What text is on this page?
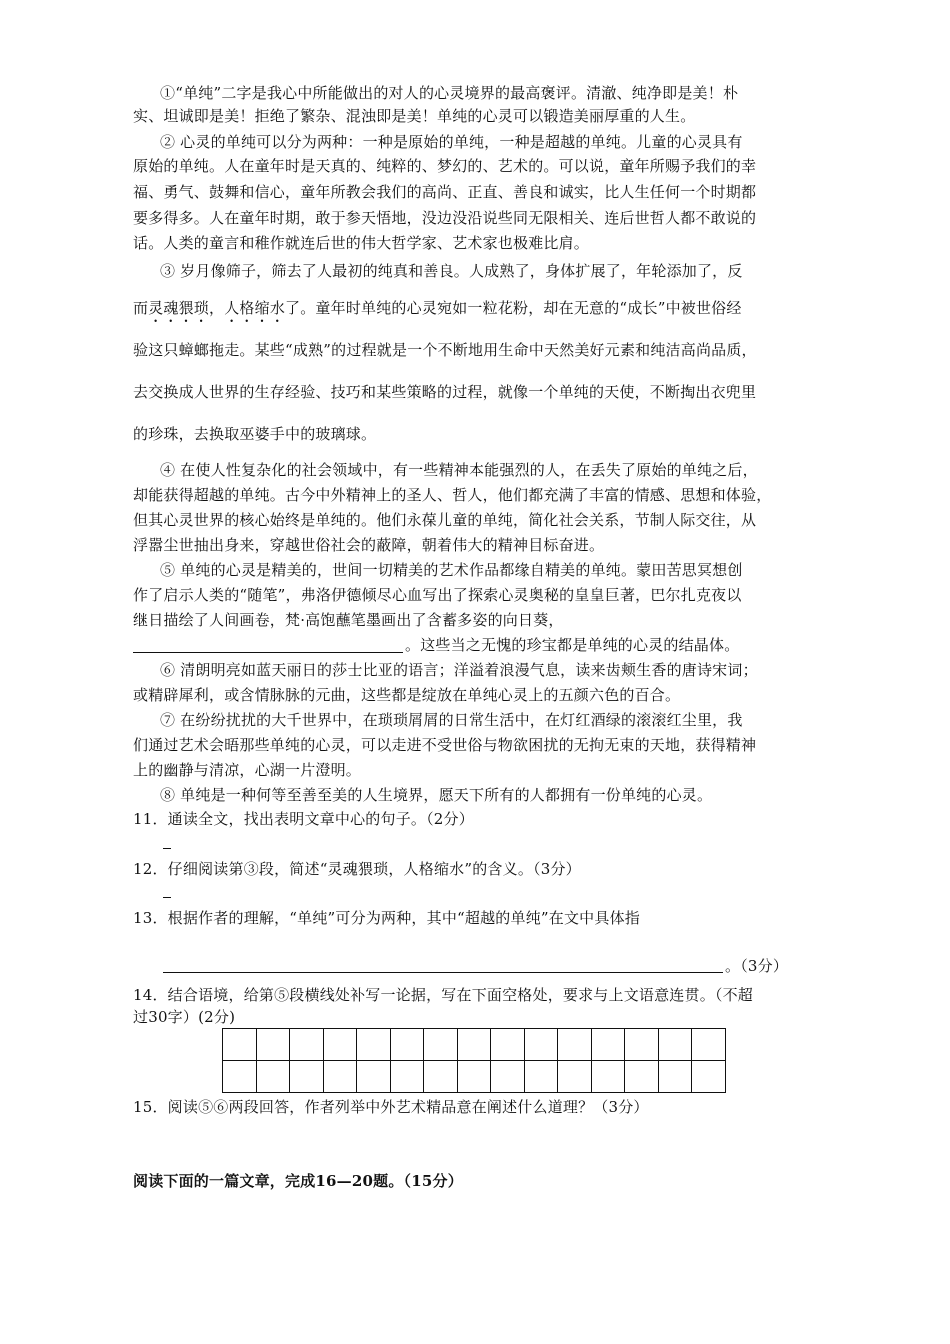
①“单纯”二字是我心中所能做出的对人的心灵境界的最高褒评。清澈、纯净即是美！朴
实、坦诚即是美！拒绝了繁杂、混浊即是美！单纯的心灵可以锻造美丽厚重的人生。
② 心灵的单纯可以分为两种：一种是原始的单纯，一种是超越的单纯。儿童的心灵具有
原始的单纯。人在童年时是天真的、纯粹的、梦幻的、艺术的。可以说，童年所赐予我们的幸
福、勇气、鼓舞和信心，童年所教会我们的高尚、正直、善良和诚实，比人生任何一个时期都
要多得多。人在童年时期，敢于参天悟地，没边没沿说些同无限相关、连后世哲人都不敢说的
话。人类的童言和稚作就连后世的伟大哲学家、艺术家也极难比肩。
③ 岁月像筛子，筛去了人最初的纯真和善良。人成熟了，身体扩展了，年轮添加了，反
而灵魂猥琐，人格缩水了。童年时单纯的心灵宛如一粒花粉，却在无意的“成长”中被世俗经
验这只蟑螂拖走。某些“成熟”的过程就是一个不断地用生命中天然美好元素和纯洁高尚品质，
去交换成人世界的生存经验、技巧和某些策略的过程，就像一个单纯的天使，不断掏出衣兜里
的珍珠，去换取巫婆手中的玻璃球。
④ 在使人性复杂化的社会领域中，有一些精神本能强烈的人，在丢失了原始的单纯之后，
却能获得超越的单纯。古今中外精神上的圣人、哲人，他们都充满了丰富的情感、思想和体验，
但其心灵世界的核心始终是单纯的。他们永葆儿童的单纯，简化社会关系，节制人际交往，从
浮嚣尘世抽出身来，穿越世俗社会的蔽障，朝着伟大的精神目标奋进。
⑤ 单纯的心灵是精美的，世间一切精美的艺术作品都缘自精美的单纯。蒙田苦思冥想创
作了启示人类的“随笔”，弗洛伊德倾尽心血写出了探索心灵奥秘的皇皇巨著，巴尔扎克夜以
继日描绘了人间画卷，梵·高饱蘸笔墨画出了含蓄多姿的向日葵，
。这些当之无愧的珍宝都是单纯的心灵的结晶体。
⑥ 清朗明亮如蓝天丽日的莎士比亚的语言；洋溢着浪漫气息，读来齿颊生香的唐诗宋词；
或精辟犀利，或含情脉脉的元曲，这些都是绽放在单纯心灵上的五颜六色的百合。
⑦ 在纷纷扰扰的大千世界中，在琐琐屑屑的日常生活中，在灯红酒绿的滚滚红尘里，我
们通过艺术会晤那些单纯的心灵，可以走进不受世俗与物欲困扰的无拘无束的天地，获得精神
上的幽静与清凉，心湖一片澄明。
⑧ 单纯是一种何等至善至美的人生境界，愿天下所有的人都拥有一份单纯的心灵。
11．通读全文，找出表明文章中心的句子。（2分）
12．仔细阅读第③段，简述“灵魂猥琐，人格缩水”的含义。（3分）
13．根据作者的理解，“单纯”可分为两种，其中“超越的单纯”在文中具体指
。（3分）
14．结合语境，给第⑤段横线处补写一论据，写在下面空格处，要求与上文语意连贯。（不超
过30字）(2分)

15．阅读⑤⑥两段回答，作者列举中外艺术精品意在阐述什么道理？（3分）
阅读下面的一篇文章，完成16—20题。（15分）
